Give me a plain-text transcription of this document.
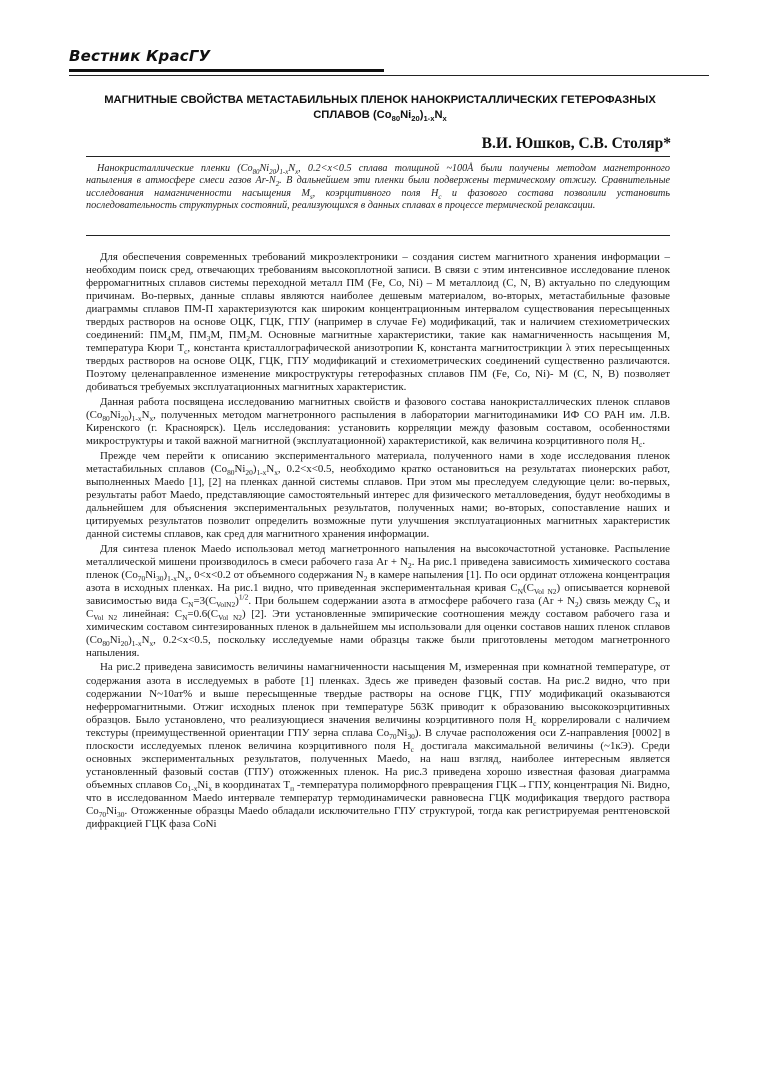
Вестник КрасГУ
МАГНИТНЫЕ СВОЙСТВА МЕТАСТАБИЛЬНЫХ ПЛЕНОК НАНОКРИСТАЛЛИЧЕСКИХ ГЕТЕРОФАЗНЫХ СПЛАВОВ $(Co_{80}Ni_{20})_{1-x}N_x$
В.И. Юшков, С.В. Столяр*

Нанокристаллические пленки $(Co_{80}Ni_{20})_{1-x}N_x$, 0.2<x<0.5 сплава толщиной ~100Å были получены методом магнетронного напыления в атмосфере смеси газов $Ar-N_2$. В дальнейшем эти пленки были подвержены термическому отжигу. Сравнительные исследования намагниченности насыщения $M_s$, коэрцитивного поля $H_c$ и фазового состава позволили установить последовательность структурных состояний, реализующихся в данных сплавах в процессе термической релаксации.

Для обеспечения современных требований микроэлектроники – создания систем магнитного хранения информации – необходим поиск сред, отвечающих требованиям высокоплотной записи. В связи с этим интенсивное исследование пленок ферромагнитных сплавов системы переходной металл ПМ (Fe, Co, Ni) – М металлоид (C, N, B) актуально по следующим причинам. Во-первых, данные сплавы являются наиболее дешевым материалом, во-вторых, метастабильные фазовые диаграммы сплавов ПМ-П характеризуются как широким концентрационным интервалом существования пересыщенных твердых растворов на основе ОЦК, ГЦК, ГПУ (например в случае Fe) модификаций, так и наличием стехиометрических соединений: $ПМ_4М$, $ПМ_3М$, $ПМ_2М$. Основные магнитные характеристики, такие как намагниченность насыщения М, температура Кюри $Т_c$, константа кристаллографической анизотропии К, константа магнитострикции λ этих пересыщенных твердых растворов на основе ОЦК, ГЦК, ГПУ модификаций и стехиометрических соединений существенно различаются. Поэтому целенаправленное изменение микроструктуры гетерофазных сплавов ПМ (Fe, Co, Ni)- М (C, N, B) позволяет добиваться требуемых эксплуатационных магнитных характеристик.

Данная работа посвящена исследованию магнитных свойств и фазового состава нанокристаллических пленок сплавов $(Co_{80}Ni_{20})_{1-x}N_x$, полученных методом магнетронного распыления в лаборатории магнитодинамики ИФ СО РАН им. Л.В. Киренского (г. Красноярск). Цель исследования: установить корреляции между фазовым составом, особенностями микроструктуры и такой важной магнитной (эксплуатационной) характеристикой, как величина коэрцитивного поля $H_c$.

Прежде чем перейти к описанию экспериментального материала, полученного нами в ходе исследования пленок метастабильных сплавов $(Co_{80}Ni_{20})_{1-x}N_x$, 0.2<x<0.5, необходимо кратко остановиться на результатах пионерских работ, выполненных Maedo [1], [2] на пленках данной системы сплавов. При этом мы преследуем следующие цели: во-первых, результаты работ Maedo, представляющие самостоятельный интерес для физического металловедения, будут необходимы в дальнейшем для объяснения экспериментальных результатов, полученных нами; во-вторых, сопоставление наших и цитируемых результатов позволит определить возможные пути улучшения эксплуатационных магнитных характеристик данной системы сплавов, как сред для магнитного хранения информации.

Для синтеза пленок Maedo использовал метод магнетронного напыления на высокочастотной установке. Распыление металлической мишени производилось в смеси рабочего газа $Ar + N_2$. На рис.1 приведена зависимость химического состава пленок $(Co_{70}Ni_{30})_{1-x}N_x$, 0<x<0.2 от объемного содержания $N_2$ в камере напыления [1]. По оси ординат отложена концентрация азота в исходных пленках. На рис.1 видно, что приведенная экспериментальная кривая $C_N(C_{Vol N2})$ описывается корневой зависимостью вида $C_N=3(C_{VolN2})^{1/2}$. При большем содержании азота в атмосфере рабочего газа $(Ar + N_2)$ связь между $C_N$ и $C_{Vol N2}$ линейная: $C_N=0.6(C_{Vol N2})$ [2]. Эти установленные эмпирические соотношения между составом рабочего газа и химическим составом синтезированных пленок в дальнейшем мы использовали для оценки составов наших пленок сплавов $(Co_{80}Ni_{20})_{1-x}N_x$, 0.2<x<0.5, поскольку исследуемые нами образцы также были приготовлены методом магнетронного напыления.

На рис.2 приведена зависимость величины намагниченности насыщения М, измеренная при комнатной температуре, от содержания азота в исследуемых в работе [1] пленках. Здесь же приведен фазовый состав. На рис.2 видно, что при содержании N~10ат% и выше пересыщенные твердые растворы на основе ГЦК, ГПУ модификаций оказываются неферромагнитными. Отжиг исходных пленок при температуре 563К приводит к образованию высококоэрцитивных образцов. Было установлено, что реализующиеся значения величины коэрцитивного поля $H_c$ коррелировали с наличием текстуры (преимущественной ориентации ГПУ зерна сплава $Co_{70}Ni_{30}$). В случае расположения оси Z-направления [0002] в плоскости исследуемых пленок величина коэрцитивного поля $H_c$ достигала максимальной величины (~1кЭ). Среди основных экспериментальных результатов, полученных Maedo, на наш взгляд, наиболее интересным является установленный фазовый состав (ГПУ) отожженных пленок. На рис.3 приведена хорошо известная фазовая диаграмма объемных сплавов $Co_{1-x}Ni_x$ в координатах $Т_п$ -температура полиморфного превращения ГЦК→ГПУ, концентрация Ni. Видно, что в исследованном Maedo интервале температур термодинамически равновесна ГЦК модификация твердого раствора $Co_{70}Ni_{30}$. Отожженные образцы Maedo обладали исключительно ГПУ структурой, тогда как регистрируемая рентгеновской дифракцией ГЦК фаза CoNi
